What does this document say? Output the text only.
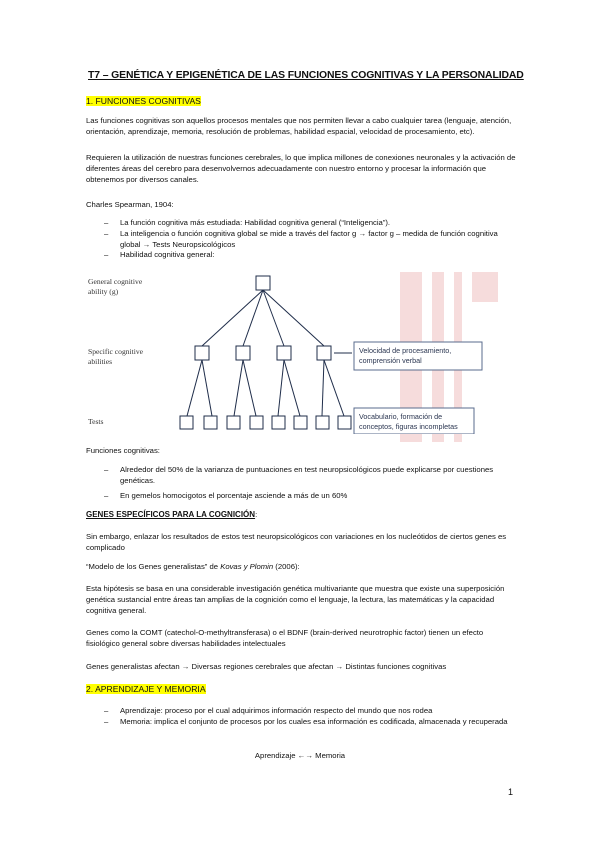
T7 – GENÉTICA Y EPIGENÉTICA DE LAS FUNCIONES COGNITIVAS Y LA PERSONALIDAD
1. FUNCIONES COGNITIVAS
Las funciones cognitivas son aquellos procesos mentales que nos permiten llevar a cabo cualquier tarea (lenguaje, atención, orientación, aprendizaje, memoria, resolución de problemas, habilidad espacial, velocidad de procesamiento, etc).
Requieren la utilización de nuestras funciones cerebrales, lo que implica millones de conexiones neuronales y la activación de diferentes áreas del cerebro para desenvolvernos adecuadamente con nuestro entorno y procesar la información que obtenemos por diversos canales.
Charles Spearman, 1904:
– La función cognitiva más estudiada: Habilidad cognitiva general (“Inteligencia”).
– La inteligencia o función cognitiva global se mide a través del factor g → factor g – medida de función cognitiva global → Tests Neuropsicológicos
– Habilidad cognitiva general:
General cognitive
ability (g)
Specific cognitive
abilities
Tests
Velocidad de procesamiento,
comprensión verbal
Vocabulario, formación de
conceptos, figuras incompletas
Funciones cognitivas:
– Alrededor del 50% de la varianza de puntuaciones en test neuropsicológicos puede explicarse por cuestiones genéticas.
– En gemelos homocigotos el porcentaje asciende a más de un 60%
GENES ESPECÍFICOS PARA LA COGNICIÓN:
Sin embargo, enlazar los resultados de estos test neuropsicológicos con variaciones en los nucleótidos de ciertos genes es complicado
“Modelo de los Genes generalistas” de Kovas y Plomin (2006):
Esta hipótesis se basa en una considerable investigación genética multivariante que muestra que existe una superposición genética sustancial entre áreas tan amplias de la cognición como el lenguaje, la lectura, las matemáticas y la capacidad cognitiva general.
Genes como la COMT (catechol-O-methyltransferasa) o el BDNF (brain-derived neurotrophic factor) tienen un efecto fisiológico general sobre diversas habilidades intelectuales
Genes generalistas afectan → Diversas regiones cerebrales que afectan → Distintas funciones cognitivas
2. APRENDIZAJE Y MEMORIA
– Aprendizaje: proceso por el cual adquirimos información respecto del mundo que nos rodea
– Memoria: implica el conjunto de procesos por los cuales esa información es codificada, almacenada y recuperada
Aprendizaje ←→ Memoria
1
